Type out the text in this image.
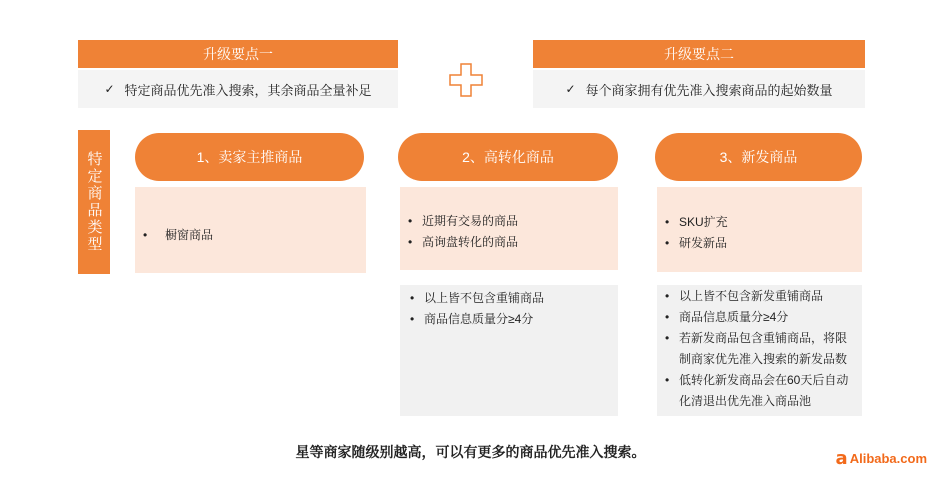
升级要点一
✓ 特定商品优先准入搜索，其余商品全量补足
升级要点二
✓ 每个商家拥有优先准入搜索商品的起始数量
特定商品类型	1、卖家主推商品
• 橱窗商品
2、高转化商品
• 近期有交易的商品
• 高询盘转化的商品
• 以上皆不包含重铺商品
• 商品信息质量分≥4分
3、新发商品
• SKU扩充
• 研发新品
• 以上皆不包含新发重铺商品
• 商品信息质量分≥4分
• 若新发商品包含重铺商品，将限制商家优先准入搜索的新发品数
• 低转化新发商品会在60天后自动化清退出优先准入商品池
星等商家随级别越高，可以有更多的商品优先准入搜索。	a Alibaba.com
